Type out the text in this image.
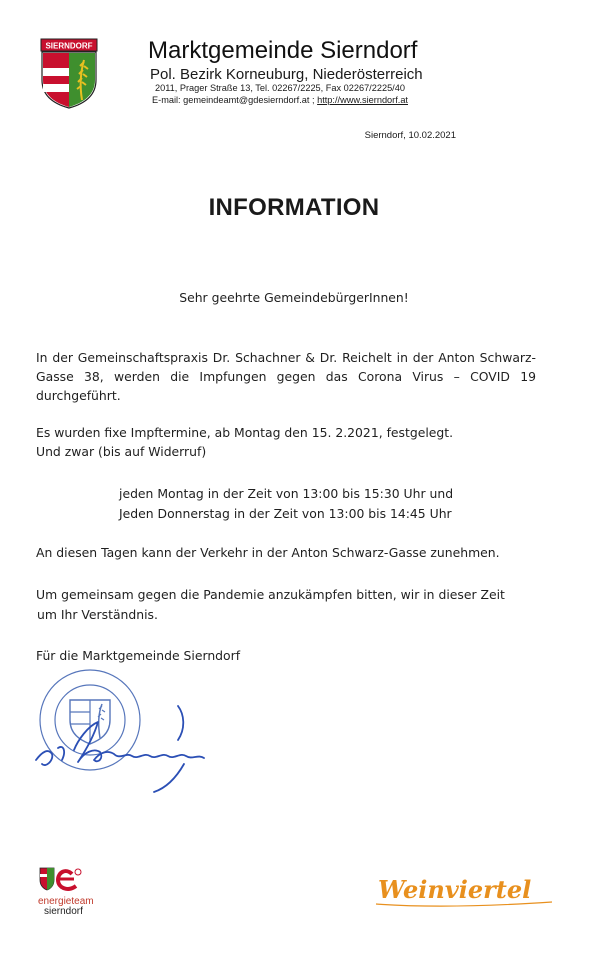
SIERNDORF Marktgemeinde Sierndorf
Pol. Bezirk Korneuburg, Niederösterreich
2011, Prager Straße 13, Tel. 02267/2225, Fax 02267/2225/40
E-mail: gemeindeamt@gdesierndorf.at ; http://www.sierndorf.at
Sierndorf, 10.02.2021
INFORMATION
Sehr geehrte GemeindebürgerInnen!
In der Gemeinschaftspraxis Dr. Schachner & Dr. Reichelt in der Anton Schwarz-Gasse 38, werden die Impfungen gegen das Corona Virus – COVID 19 durchgeführt.
Es wurden fixe Impftermine, ab Montag den 15. 2.2021, festgelegt.
Und zwar (bis auf Widerruf)
jeden Montag in der Zeit von 13:00 bis 15:30 Uhr und
Jeden Donnerstag in der Zeit von 13:00 bis 14:45 Uhr
An diesen Tagen kann der Verkehr in der Anton Schwarz-Gasse zunehmen.
Um gemeinsam gegen die Pandemie anzukämpfen bitten, wir in dieser Zeit
um Ihr Verständnis.
Für die Marktgemeinde Sierndorf
energieteam
sierndorf
Weinviertel
